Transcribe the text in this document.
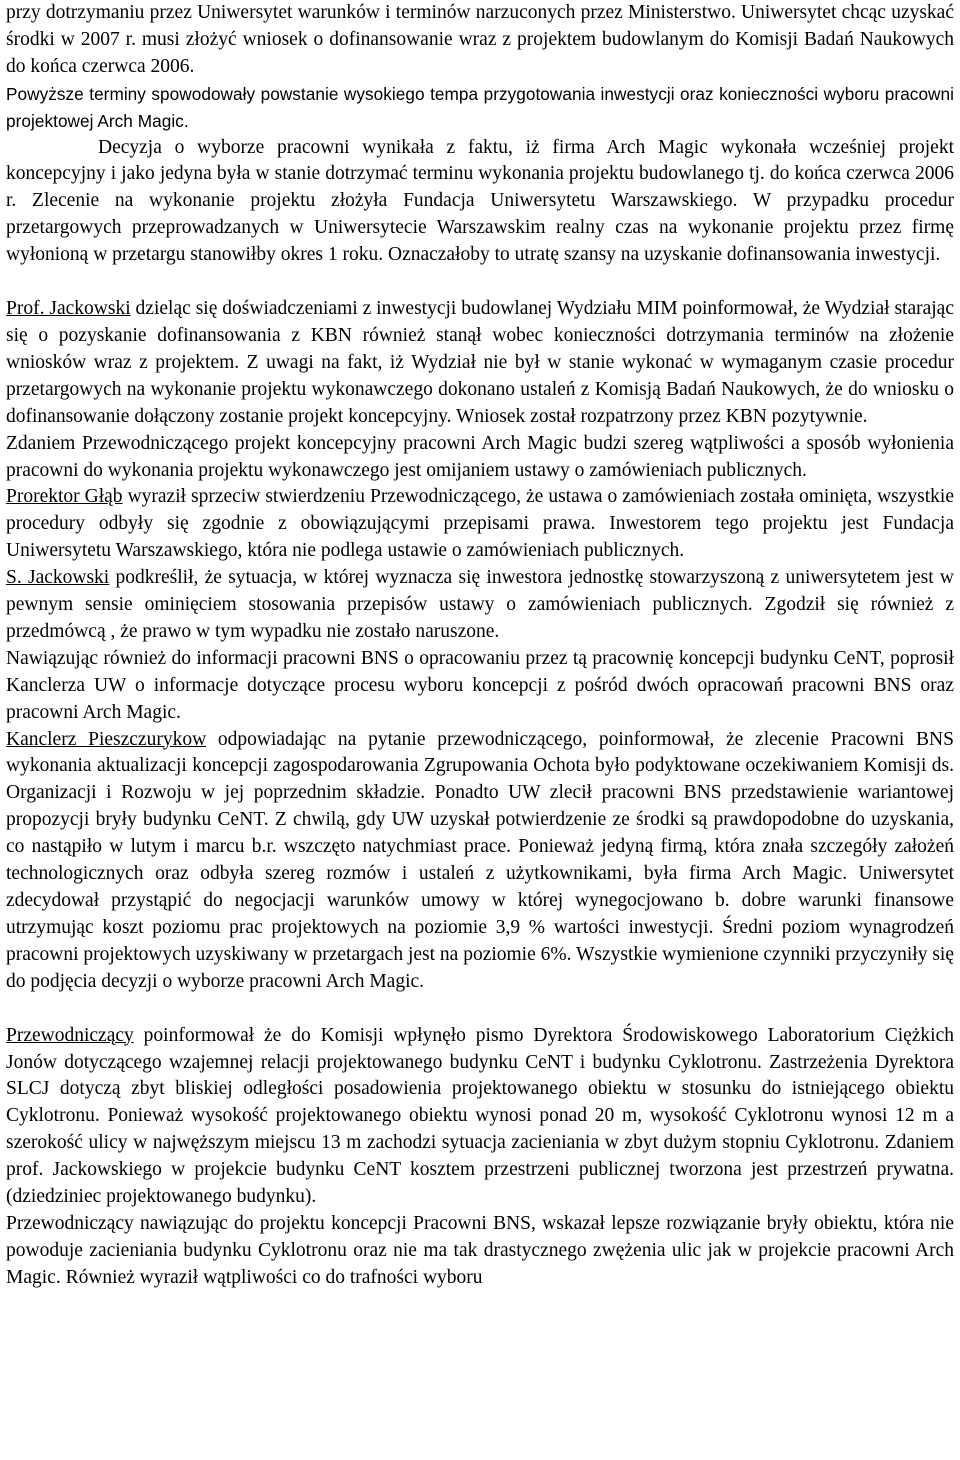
przy dotrzymaniu przez Uniwersytet warunków i terminów narzuconych przez Ministerstwo. Uniwersytet chcąc uzyskać środki w 2007 r. musi złożyć wniosek o dofinansowanie wraz z projektem budowlanym do Komisji Badań Naukowych do końca czerwca 2006.

Powyższe terminy spowodowały powstanie wysokiego tempa przygotowania inwestycji oraz konieczności wyboru pracowni projektowej Arch Magic.

Decyzja o wyborze pracowni wynikała z faktu, iż firma Arch Magic wykonała wcześniej projekt koncepcyjny i jako jedyna była w stanie dotrzymać terminu wykonania projektu budowlanego tj. do końca czerwca 2006 r. Zlecenie na wykonanie projektu złożyła Fundacja Uniwersytetu Warszawskiego. W przypadku procedur przetargowych przeprowadzanych w Uniwersytecie Warszawskim realny czas na wykonanie projektu przez firmę wyłonioną w przetargu stanowiłby okres 1 roku. Oznaczałoby to utratę szansy na uzyskanie dofinansowania inwestycji.

Prof. Jackowski dzieląc się doświadczeniami z inwestycji budowlanej Wydziału MIM poinformował, że Wydział starając się o pozyskanie dofinansowania z KBN również stanął wobec konieczności dotrzymania terminów na złożenie wniosków wraz z projektem. Z uwagi na fakt, iż Wydział nie był w stanie wykonać w wymaganym czasie procedur przetargowych na wykonanie projektu wykonawczego dokonano ustaleń z Komisją Badań Naukowych, że do wniosku o dofinansowanie dołączony zostanie projekt koncepcyjny. Wniosek został rozpatrzony przez KBN pozytywnie.

Zdaniem Przewodniczącego projekt koncepcyjny pracowni Arch Magic budzi szereg wątpliwości a sposób wyłonienia pracowni do wykonania projektu wykonawczego jest omijaniem ustawy o zamówieniach publicznych.

Prorektor Głąb wyraził sprzeciw stwierdzeniu Przewodniczącego, że ustawa o zamówieniach została ominięta, wszystkie procedury odbyły się zgodnie z obowiązującymi przepisami prawa. Inwestorem tego projektu jest Fundacja Uniwersytetu Warszawskiego, która nie podlega ustawie o zamówieniach publicznych.

S. Jackowski podkreślił, że sytuacja, w której wyznacza się inwestora jednostkę stowarzyszoną z uniwersytetem jest w pewnym sensie ominięciem stosowania przepisów ustawy o zamówieniach publicznych. Zgodził się również z przedmówcą , że prawo w tym wypadku nie zostało naruszone.

Nawiązując również do informacji pracowni BNS o opracowaniu przez tą pracownię koncepcji budynku CeNT, poprosił Kanclerza UW o informacje dotyczące procesu wyboru koncepcji z pośród dwóch opracowań pracowni BNS oraz pracowni Arch Magic.

Kanclerz Pieszczurykow odpowiadając na pytanie przewodniczącego, poinformował, że zlecenie Pracowni BNS wykonania aktualizacji koncepcji zagospodarowania Zgrupowania Ochota było podyktowane oczekiwaniem Komisji ds. Organizacji i Rozwoju w jej poprzednim składzie. Ponadto UW zlecił pracowni BNS przedstawienie wariantowej propozycji bryły budynku CeNT. Z chwilą, gdy UW uzyskał potwierdzenie ze środki są prawdopodobne do uzyskania, co nastąpiło w lutym i marcu b.r. wszczęto natychmiast prace. Ponieważ jedyną firmą, która znała szczegóły założeń technologicznych oraz odbyła szereg rozmów i ustaleń z użytkownikami, była firma Arch Magic. Uniwersytet zdecydował przystąpić do negocjacji warunków umowy w której wynegocjowano b. dobre warunki finansowe utrzymując koszt poziomu prac projektowych na poziomie 3,9 % wartości inwestycji. Średni poziom wynagrodzeń pracowni projektowych uzyskiwany w przetargach jest na poziomie 6%. Wszystkie wymienione czynniki przyczyniły się do podjęcia decyzji o wyborze pracowni Arch Magic.

Przewodniczący poinformował że do Komisji wpłynęło pismo Dyrektora Środowiskowego Laboratorium Ciężkich Jonów dotyczącego wzajemnej relacji projektowanego budynku CeNT i budynku Cyklotronu. Zastrzeżenia Dyrektora SLCJ dotyczą zbyt bliskiej odległości posadowienia projektowanego obiektu w stosunku do istniejącego obiektu Cyklotronu. Ponieważ wysokość projektowanego obiektu wynosi ponad 20 m, wysokość Cyklotronu wynosi 12 m a szerokość ulicy w najwęższym miejscu 13 m zachodzi sytuacja zacieniania w zbyt dużym stopniu Cyklotronu. Zdaniem prof. Jackowskiego w projekcie budynku CeNT kosztem przestrzeni publicznej tworzona jest przestrzeń prywatna. (dziedziniec projektowanego budynku).

Przewodniczący nawiązując do projektu koncepcji Pracowni BNS, wskazał lepsze rozwiązanie bryły obiektu, która nie powoduje zacieniania budynku Cyklotronu oraz nie ma tak drastycznego zwężenia ulic jak w projekcie pracowni Arch Magic. Również wyraził wątpliwości co do trafności wyboru
